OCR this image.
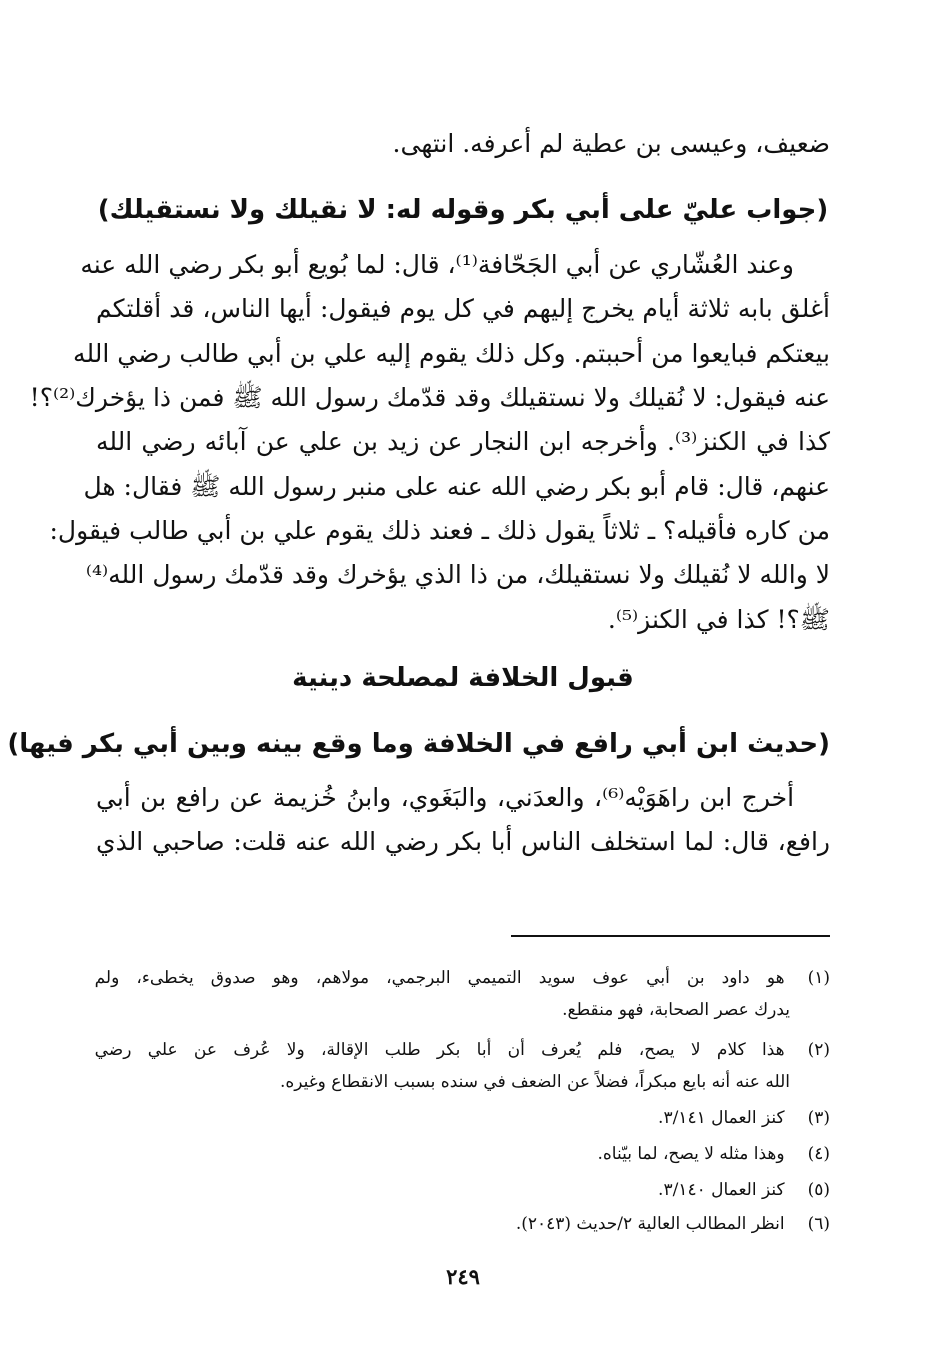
ضعيف، وعيسى بن عطية لم أعرفه. انتهى.
(جواب عليّ على أبي بكر وقوله له: لا نقيلك ولا نستقيلك)
وعند العُشّاري عن أبي الجَحّافة⁽¹⁾، قال: لما بُويع أبو بكر رضي الله عنه
أغلق بابه ثلاثة أيام يخرج إليهم في كل يوم فيقول: أيها الناس، قد أقلتكم
بيعتكم فبايعوا من أحببتم. وكل ذلك يقوم إليه علي بن أبي طالب رضي الله
عنه فيقول: لا نُقيلك ولا نستقيلك وقد قدّمك رسول الله ﷺ فمن ذا يؤخرك⁽²⁾؟!
كذا في الكنز⁽³⁾. وأخرجه ابن النجار عن زيد بن علي عن آبائه رضي الله
عنهم، قال: قام أبو بكر رضي الله عنه على منبر رسول الله ﷺ فقال: هل
من كاره فأقيله؟ ـ ثلاثاً يقول ذلك ـ فعند ذلك يقوم علي بن أبي طالب فيقول:
لا والله لا نُقيلك ولا نستقيلك، من ذا الذي يؤخرك وقد قدّمك رسول الله⁽⁴⁾
ﷺ؟! كذا في الكنز⁽⁵⁾.
قبول الخلافة لمصلحة دينية
(حديث ابن أبي رافع في الخلافة وما وقع بينه وبين أبي بكر فيها)
أخرج ابن راهَوَيْه⁽⁶⁾، والعدَني، والبَغَوي، وابنُ خُزيمة عن رافع بن أبي
رافع، قال: لما استخلف الناس أبا بكر رضي الله عنه قلت: صاحبي الذي
(١) هو داود بن أبي عوف سويد التميمي البرجمي، مولاهم، وهو صدوق يخطىء، ولم
يدرك عصر الصحابة، فهو منقطع.
(٢) هذا كلام لا يصح، فلم يُعرف أن أبا بكر طلب الإقالة، ولا عُرف عن علي رضي
الله عنه أنه بايع مبكراً، فضلاً عن الضعف في سنده بسبب الانقطاع وغيره.
(٣) كنز العمال ٣/١٤١.
(٤) وهذا مثله لا يصح، لما بيّناه.
(٥) كنز العمال ٣/١٤٠.
(٦) انظر المطالب العالية ٢/حديث (٢٠٤٣).
٢٤٩
